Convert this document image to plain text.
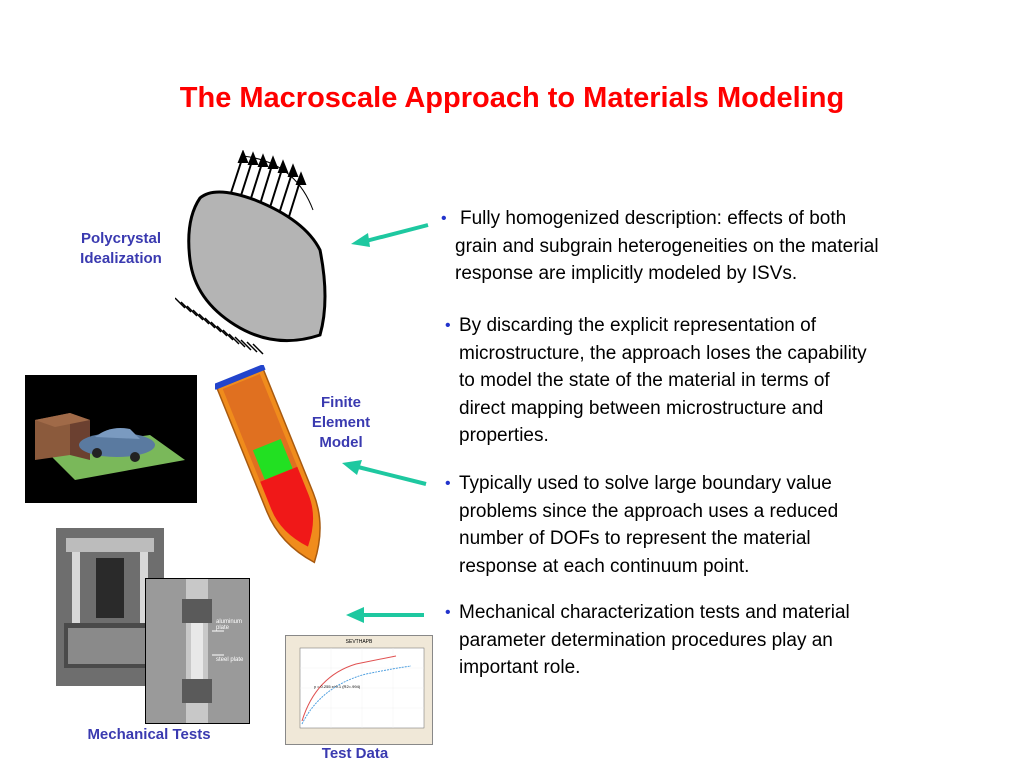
The Macroscale Approach to Materials Modeling
Polycrystal
Idealization
Finite
Element
Model
aluminum plate
steel plate
Mechanical Tests
SEVTHAPB
y = 0.255 x^0.1 (R2=.994)
Test Data
• Fully homogenized description: effects of both
grain and subgrain heterogeneities on the material
response are implicitly modeled by ISVs.
• By discarding the explicit representation of
microstructure, the approach loses the capability
to model the state of the material in terms of
direct mapping between microstructure and
properties.
• Typically used to solve large boundary value
problems since the approach uses a reduced
number of DOFs to represent the material
response at each continuum point.
• Mechanical characterization tests and material
parameter determination procedures play an
important role.
